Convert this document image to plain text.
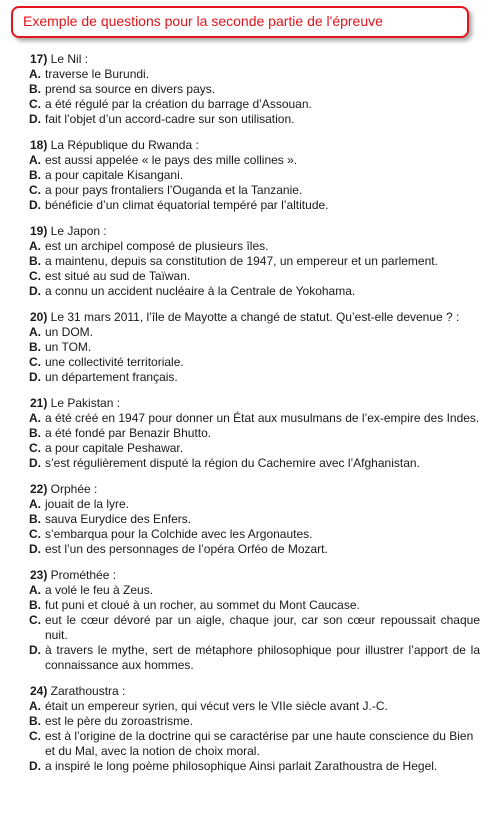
Exemple de questions pour la seconde partie de l'épreuve
17) Le Nil :
A. traverse le Burundi.
B. prend sa source en divers pays.
C. a été régulé par la création du barrage d’Assouan.
D. fait l’objet d’un accord-cadre sur son utilisation.
18) La République du Rwanda :
A. est aussi appelée « le pays des mille collines ».
B. a pour capitale Kisangani.
C. a pour pays frontaliers l’Ouganda et la Tanzanie.
D. bénéficie d’un climat équatorial tempéré par l’altitude.
19) Le Japon :
A. est un archipel composé de plusieurs îles.
B. a maintenu, depuis sa constitution de 1947, un empereur et un parlement.
C. est situé au sud de Taïwan.
D. a connu un accident nucléaire à la Centrale de Yokohama.
20) Le 31 mars 2011, l’île de Mayotte a changé de statut. Qu’est-elle devenue ? :
A. un DOM.
B. un TOM.
C. une collectivité territoriale.
D. un département français.
21) Le Pakistan :
A. a été créé en 1947 pour donner un État aux musulmans de l’ex-empire des Indes.
B. a été fondé par Benazir Bhutto.
C. a pour capitale Peshawar.
D. s’est régulièrement disputé la région du Cachemire avec l’Afghanistan.
22) Orphée :
A. jouait de la lyre.
B. sauva Eurydice des Enfers.
C. s’embarqua pour la Colchide avec les Argonautes.
D. est l’un des personnages de l’opéra Orféo de Mozart.
23) Prométhée :
A. a volé le feu à Zeus.
B. fut puni et cloué à un rocher, au sommet du Mont Caucase.
C. eut le cœur dévoré par un aigle, chaque jour, car son cœur repoussait chaque nuit.
D. à travers le mythe, sert de métaphore philosophique pour illustrer l’apport de la connaissance aux hommes.
24) Zarathoustra :
A. était un empereur syrien, qui vécut vers le VIIe siècle avant J.-C.
B. est le père du zoroastrisme.
C. est à l’origine de la doctrine qui se caractérise par une haute conscience du Bien et du Mal, avec la notion de choix moral.
D. a inspiré le long poème philosophique Ainsi parlait Zarathoustra de Hegel.
